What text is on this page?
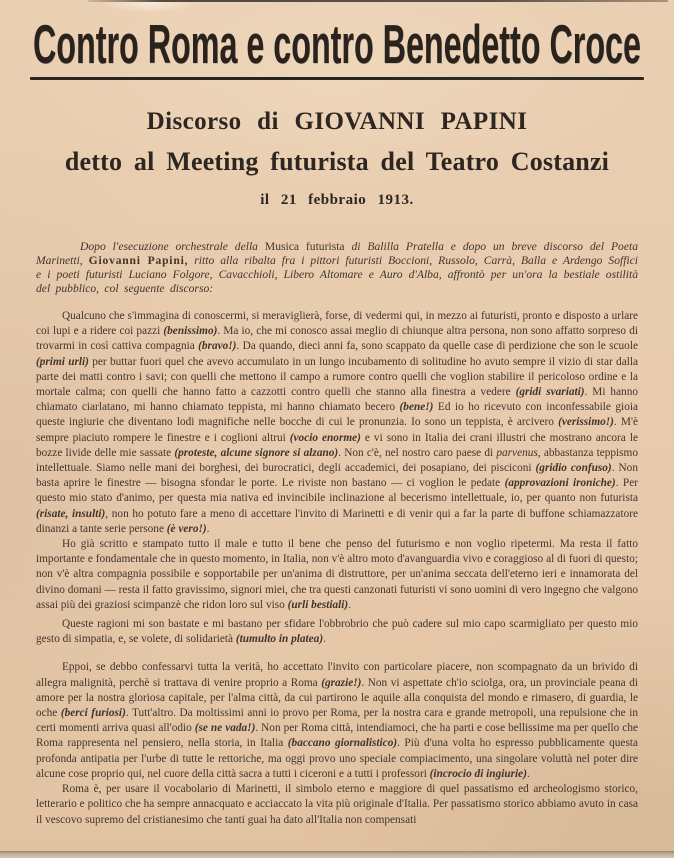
Contro Roma e contro Benedetto Croce
Discorso di GIOVANNI PAPINI
detto al Meeting futurista del Teatro Costanzi
il 21 febbraio 1913.
Dopo l'esecuzione orchestrale della Musica futurista di Balilla Pratella e dopo un breve discorso del Poeta Marinetti, Giovanni Papini, ritto alla ribalta fra i pittori futuristi Boccioni, Russolo, Carrà, Balla e Ardengo Soffici e i poeti futuristi Luciano Folgore, Cavacchioli, Libero Altomare e Auro d'Alba, affrontò per un'ora la bestiale ostilità del pubblico, col seguente discorso:

Qualcuno che s'immagina di conoscermi, si meraviglierà, forse, di vedermi qui, in mezzo ai futuristi, pronto e disposto a urlare coi lupi e a ridere coi pazzi (benissimo). Ma io, che mi conosco assai meglio di chiunque altra persona, non sono affatto sorpreso di trovarmi in così cattiva compagnia (bravo!). Da quando, dieci anni fa, sono scappato da quelle case di perdizione che son le scuole (primi urli) per buttar fuori quel che avevo accumulato in un lungo incubamento di solitudine ho avuto sempre il vizio di star dalla parte dei matti contro i savi; con quelli che mettono il campo a rumore contro quelli che voglion stabilire il pericoloso ordine e la mortale calma; con quelli che hanno fatto a cazzotti contro quelli che stanno alla finestra a vedere (gridi svariati). Mi hanno chiamato ciarlatano, mi hanno chiamato teppista, mi hanno chiamato becero (bene!) Ed io ho ricevuto con inconfessabile gioia queste ingiurie che diventano lodi magnifiche nelle bocche di cui le pronunzia. Io sono un teppista, è arcivero (verissimo!). M'è sempre piaciuto rompere le finestre e i coglioni altrui (vocio enorme) e vi sono in Italia dei crani illustri che mostrano ancora le bozze livide delle mie sassate (proteste, alcune signore si alzano). Non c'è, nel nostro caro paese di parvenus, abbastanza teppismo intellettuale. Siamo nelle mani dei borghesi, dei burocratici, degli accademici, dei posapiano, dei pisciconi (gridio confuso). Non basta aprire le finestre — bisogna sfondar le porte. Le riviste non bastano — ci voglion le pedate (approvazioni ironiche). Per questo mio stato d'animo, per questa mia nativa ed invincibile inclinazione al becerismo intellettuale, io, per quanto non futurista (risate, insulti), non ho potuto fare a meno di accettare l'invito di Marinetti e di venir qui a far la parte di buffone schiamazzatore dinanzi a tante serie persone (è vero!).

Ho già scritto e stampato tutto il male e tutto il bene che penso del futurismo e non voglio ripetermi. Ma resta il fatto importante e fondamentale che in questo momento, in Italia, non v'è altro moto d'avanguardia vivo e coraggioso al di fuori di questo; non v'è altra compagnia possibile e sopportabile per un'anima di distruttore, per un'anima seccata dell'eterno ieri e innamorata del divino domani — resta il fatto gravissimo, signori miei, che tra questi canzonati futuristi vi sono uomini di vero ingegno che valgono assai più dei graziosi scimpanzè che ridon loro sul viso (urli bestiali).

Queste ragioni mi son bastate e mi bastano per sfidare l'obbrobrio che può cadere sul mio capo scarmigliato per questo mio gesto di simpatia, e, se volete, di solidarietà (tumulto in platea).

Eppoi, se debbo confessarvi tutta la verità, ho accettato l'invito con particolare piacere, non scompagnato da un brivido di allegra malignità, perchè si trattava di venire proprio a Roma (grazie!). Non vi aspettate ch'io sciolga, ora, un provinciale peana di amore per la nostra gloriosa capitale, per l'alma città, da cui partirono le aquile alla conquista del mondo e rimasero, di guardia, le oche (berci furiosi). Tutt'altro. Da moltissimi anni io provo per Roma, per la nostra cara e grande metropoli, una repulsione che in certi momenti arriva quasi all'odio (se ne vada!). Non per Roma città, intendiamoci, che ha parti e cose bellissime ma per quello che Roma rappresenta nel pensiero, nella storia, in Italia (baccano giornalistico). Più d'una volta ho espresso pubblicamente questa profonda antipatia per l'urbe di tutte le rettoriche, ma oggi provo uno speciale compiacimento, una singolare voluttà nel poter dire alcune cose proprio qui, nel cuore della città sacra a tutti i ciceroni e a tutti i professori (incrocio di ingiurie).

Roma è, per usare il vocabolario di Marinetti, il simbolo eterno e maggiore di quel passatismo ed archeologismo storico, letterario e politico che ha sempre annacquato e acciaccato la vita più originale d'Italia. Per passatismo storico abbiamo avuto in casa il vescovo supremo del cristianesimo che tanti guai ha dato all'Italia non compensati
